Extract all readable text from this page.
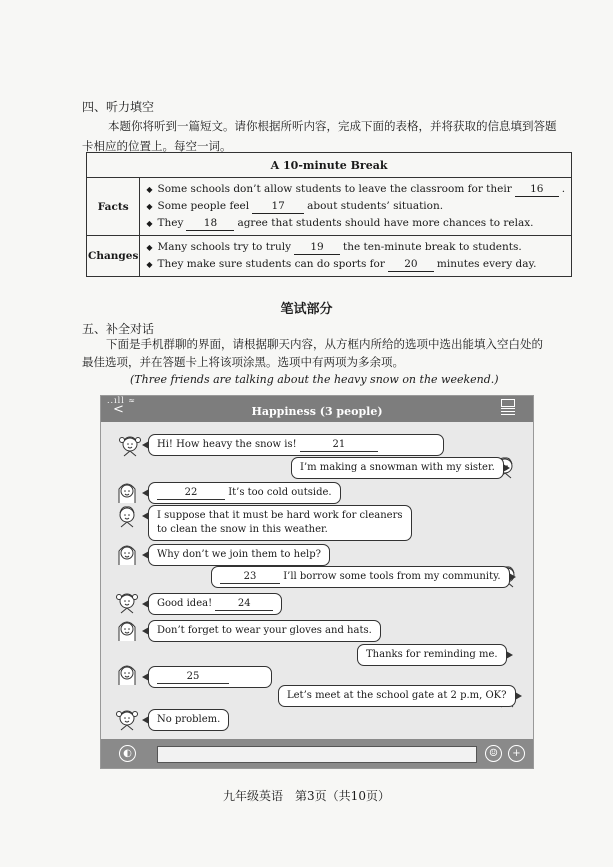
四、听力填空
本题你将听到一篇短文。请你根据所听内容，完成下面的表格，并将获取的信息填到答题卡相应的位置上。每空一词。
A 10-minute Break	
Facts	◆ Some schools don’t allow students to leave the classroom for their 16 .
◆ Some people feel 17 about students’ situation.
◆ They 18 agree that students should have more chances to relax.

Changes	◆ Many schools try to truly 19 the ten-minute break to students.
◆ They make sure students can do sports for 20 minutes every day.
笔试部分
五、补全对话
下面是手机群聊的界面，请根据聊天内容，从方框内所给的选项中选出能填入空白处的最佳选项，并在答题卡上将该项涂黑。选项中有两项为多余项。
(Three friends are talking about the heavy snow on the weekend.)
..ıll ≈
<	Happiness (3 people)
Hi! How heavy the snow is!	21
I’m making a snowman with my sister.
22	It’s too cold outside.
I suppose that it must be hard work for cleaners
to clean the snow in this weather.
Why don’t we join them to help?
23	I’ll borrow some tools from my community.
Good idea!	24
Don’t forget to wear your gloves and hats.
Thanks for reminding me.
25
Let’s meet at the school gate at 2 p.m, OK?
No problem.
◐	☺	+
九年级英语　第3页（共10页）
